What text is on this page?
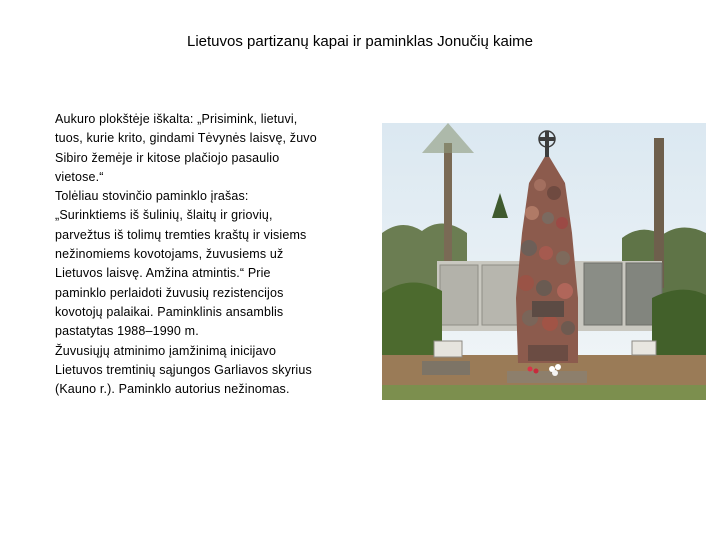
Lietuvos partizanų kapai ir paminklas Jonučių kaime

Aukuro plokštėje iškalta: „Prisimink, lietuvi,
tuos, kurie krito, gindami Tėvynės laisvę, žuvo
Sibiro žemėje ir kitose plačiojo pasaulio
vietose.“

Tolėliau stovinčio paminklo įrašas:
„Surinktiems iš šulinių, šlaitų ir griovių,
parvežtus iš tolimų tremties kraštų ir visiems
nežinomiems kovotojams, žuvusiems už
Lietuvos laisvę. Amžina atmintis.“ Prie
paminklo perlaidoti žuvusių rezistencijos
kovotojų palaikai. Paminklinis ansamblis
pastatytas 1988–1990 m.

Žuvusiųjų atminimo įamžinimą inicijavo
Lietuvos tremtinių sąjungos Garliavos skyrius
(Kauno r.). Paminklo autorius nežinomas.
